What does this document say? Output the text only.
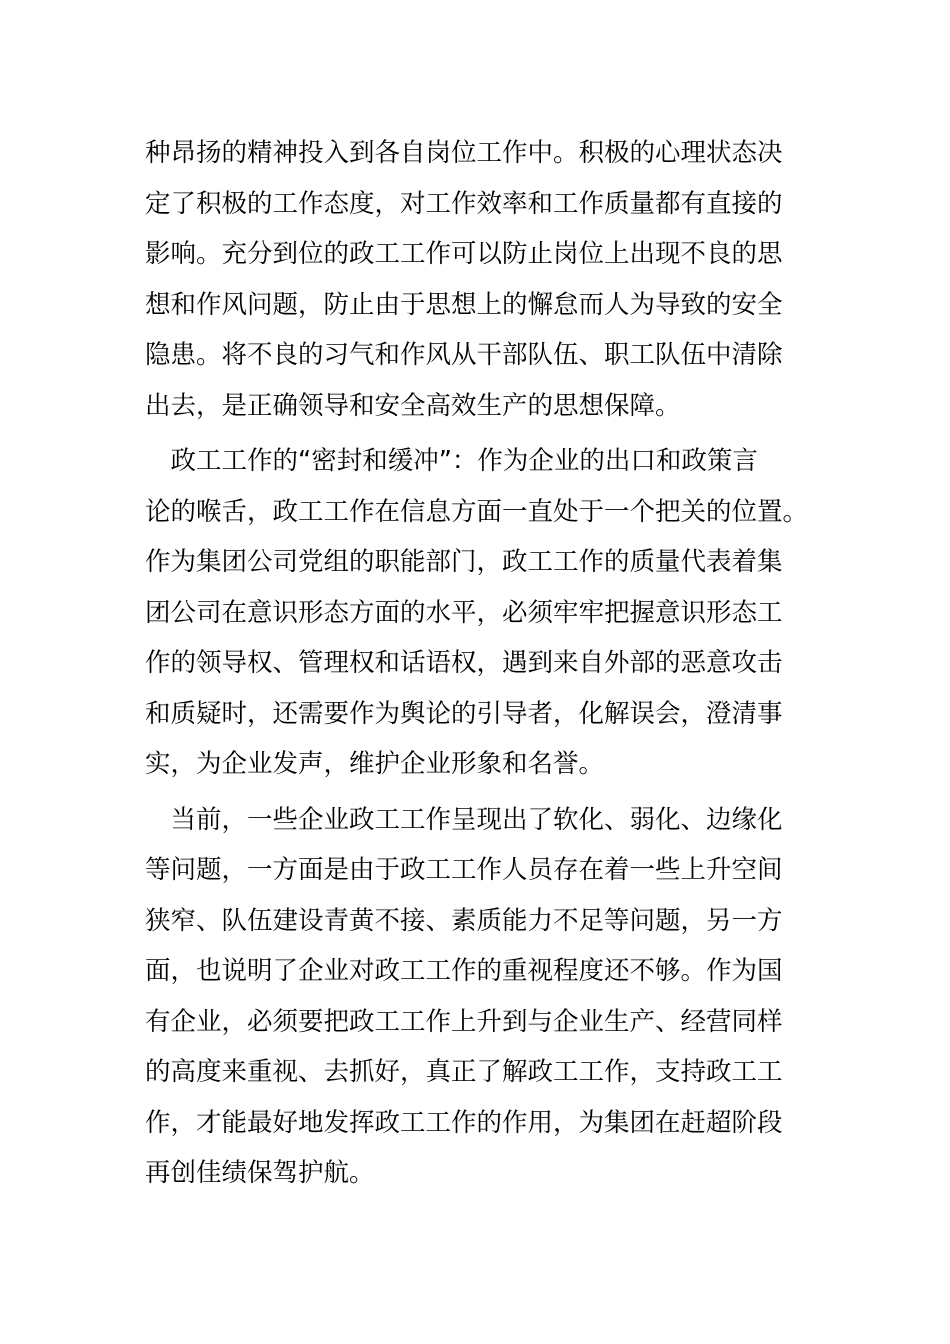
种昂扬的精神投入到各自岗位工作中。积极的心理状态决
定了积极的工作态度，对工作效率和工作质量都有直接的
影响。充分到位的政工工作可以防止岗位上出现不良的思
想和作风问题，防止由于思想上的懈怠而人为导致的安全
隐患。将不良的习气和作风从干部队伍、职工队伍中清除
出去，是正确领导和安全高效生产的思想保障。
　政工工作的“密封和缓冲”：作为企业的出口和政策言
论的喉舌，政工工作在信息方面一直处于一个把关的位置。
作为集团公司党组的职能部门，政工工作的质量代表着集
团公司在意识形态方面的水平，必须牢牢把握意识形态工
作的领导权、管理权和话语权，遇到来自外部的恶意攻击
和质疑时，还需要作为舆论的引导者，化解误会，澄清事
实，为企业发声，维护企业形象和名誉。
　当前，一些企业政工工作呈现出了软化、弱化、边缘化
等问题，一方面是由于政工工作人员存在着一些上升空间
狭窄、队伍建设青黄不接、素质能力不足等问题，另一方
面，也说明了企业对政工工作的重视程度还不够。作为国
有企业，必须要把政工工作上升到与企业生产、经营同样
的高度来重视、去抓好，真正了解政工工作，支持政工工
作，才能最好地发挥政工工作的作用，为集团在赶超阶段
再创佳绩保驾护航。
